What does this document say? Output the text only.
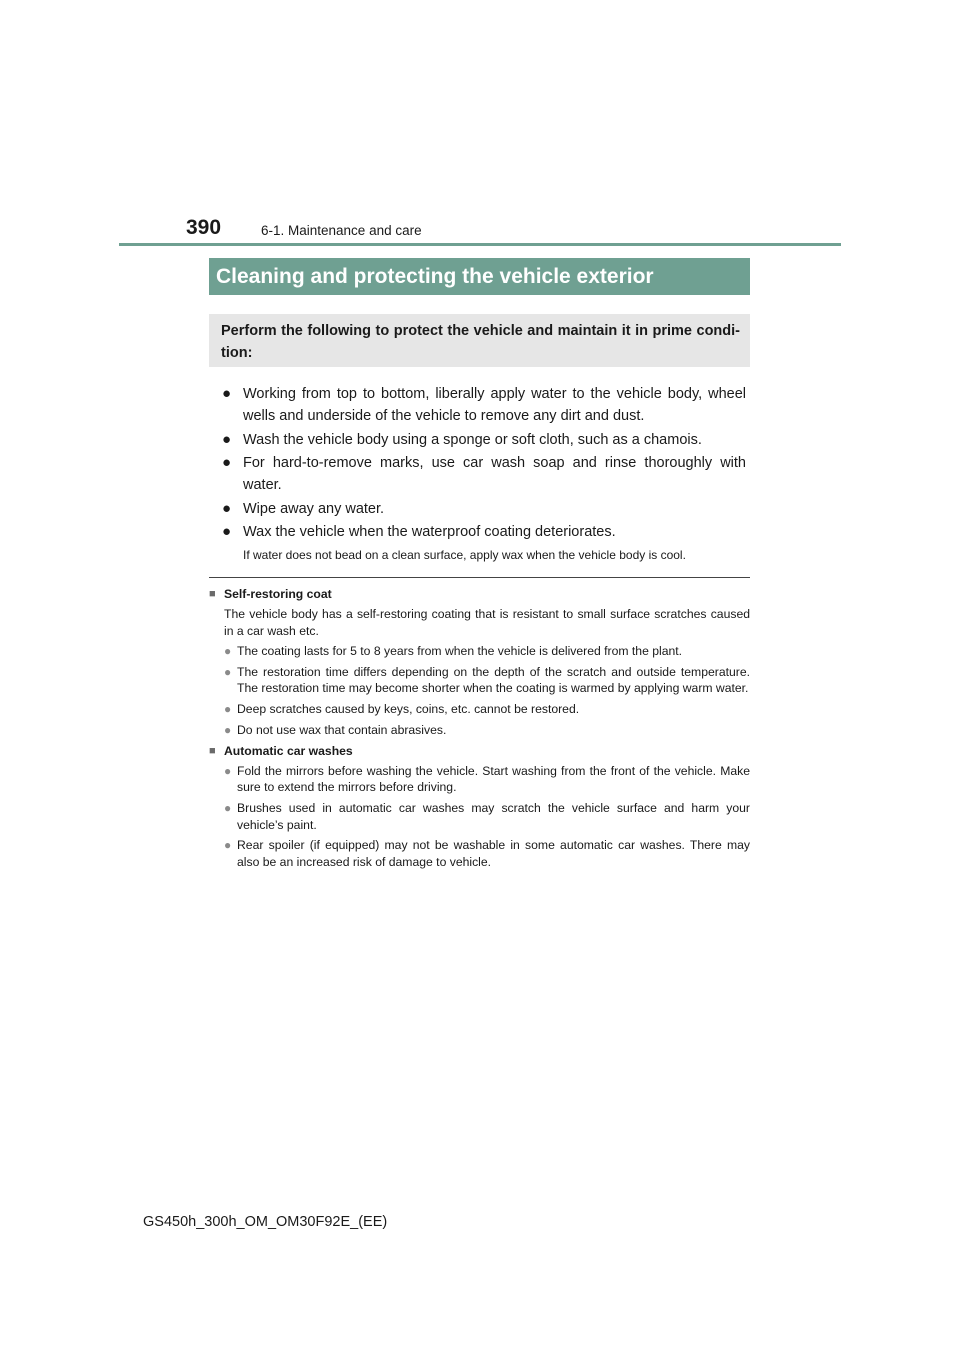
390	6-1. Maintenance and care
Cleaning and protecting the vehicle exterior
Perform the following to protect the vehicle and maintain it in prime condi-tion:
● Working from top to bottom, liberally apply water to the vehicle body, wheel wells and underside of the vehicle to remove any dirt and dust.
● Wash the vehicle body using a sponge or soft cloth, such as a chamois.
● For hard-to-remove marks, use car wash soap and rinse thoroughly with water.
● Wipe away any water.
● Wax the vehicle when the waterproof coating deteriorates.
If water does not bead on a clean surface, apply wax when the vehicle body is cool.
■ Self-restoring coat
The vehicle body has a self-restoring coating that is resistant to small surface scratches caused in a car wash etc.
● The coating lasts for 5 to 8 years from when the vehicle is delivered from the plant.
● The restoration time differs depending on the depth of the scratch and outside temperature. The restoration time may become shorter when the coating is warmed by applying warm water.
● Deep scratches caused by keys, coins, etc. cannot be restored.
● Do not use wax that contain abrasives.
■ Automatic car washes
● Fold the mirrors before washing the vehicle. Start washing from the front of the vehicle. Make sure to extend the mirrors before driving.
● Brushes used in automatic car washes may scratch the vehicle surface and harm your vehicle’s paint.
● Rear spoiler (if equipped) may not be washable in some automatic car washes. There may also be an increased risk of damage to vehicle.
GS450h_300h_OM_OM30F92E_(EE)
